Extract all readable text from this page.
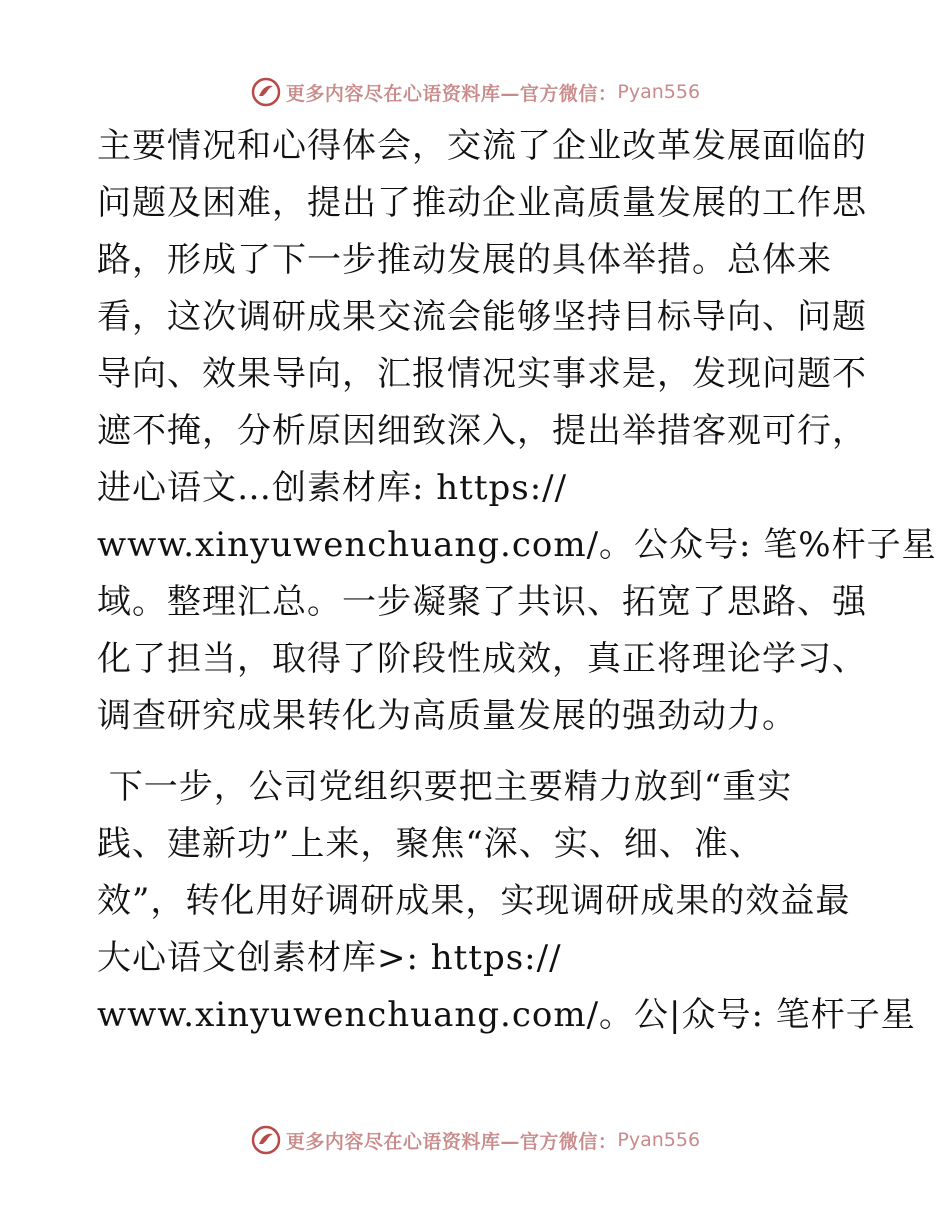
更多内容尽在心语资料库—官方微信： Pyan556
主要情况和心得体会，交流了企业改革发展面临的
问题及困难，提出了推动企业高质量发展的工作思
路，形成了下一步推动发展的具体举措。总体来
看，这次调研成果交流会能够坚持目标导向、问题
导向、效果导向，汇报情况实事求是，发现问题不
遮不掩，分析原因细致深入，提出举措客观可行，
进心语文…创素材库: https://
www.xinyuwenchuang.com/。公众号: 笔%杆子星
域。整理汇总。一步凝聚了共识、拓宽了思路、强
化了担当，取得了阶段性成效，真正将理论学习、
调查研究成果转化为高质量发展的强劲动力。
下一步，公司党组织要把主要精力放到“重实
践、建新功”上来，聚焦“深、实、细、准、
效”，转化用好调研成果，实现调研成果的效益最
大心语文创素材库>: https://
www.xinyuwenchuang.com/。公|众号: 笔杆子星
更多内容尽在心语资料库—官方微信： Pyan556
